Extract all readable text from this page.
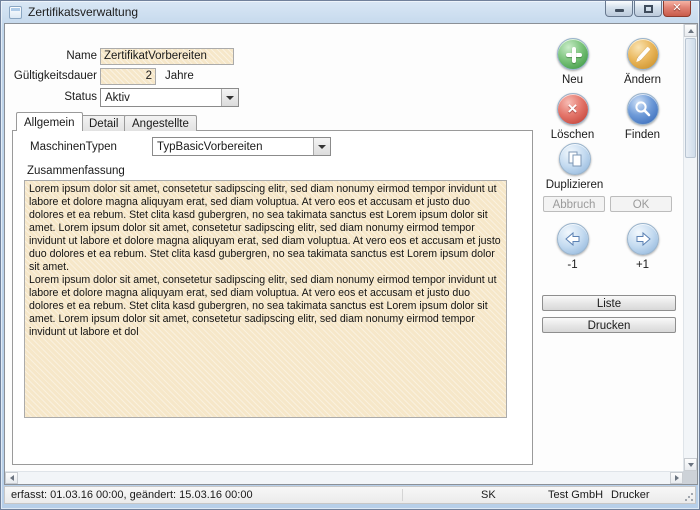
Zertifikatsverwaltung	✕
Name ZertifikatVorbereiten
Gültigkeitsdauer	2	Jahre
Status Aktiv
Allgemein	Detail	Angestellte
MaschinenTypen	TypBasicVorbereiten
Zusammenfassung

Lorem ipsum dolor sit amet, consetetur sadipscing elitr, sed diam nonumy eirmod tempor invidunt ut labore et dolore magna aliquyam erat, sed diam voluptua. At vero eos et accusam et justo duo dolores et ea rebum. Stet clita kasd gubergren, no sea takimata sanctus est Lorem ipsum dolor sit amet. Lorem ipsum dolor sit amet, consetetur sadipscing elitr, sed diam nonumy eirmod tempor invidunt ut labore et dolore magna aliquyam erat, sed diam voluptua. At vero eos et accusam et justo duo dolores et ea rebum. Stet clita kasd gubergren, no sea takimata sanctus est Lorem ipsum dolor sit amet.

Lorem ipsum dolor sit amet, consetetur sadipscing elitr, sed diam nonumy eirmod tempor invidunt ut labore et dolore magna aliquyam erat, sed diam voluptua. At vero eos et accusam et justo duo dolores et ea rebum. Stet clita kasd gubergren, no sea takimata sanctus est Lorem ipsum dolor sit amet. Lorem ipsum dolor sit amet, consetetur sadipscing elitr, sed diam nonumy eirmod tempor invidunt ut labore et dol

Neu	Ändern
×
Löschen	Finden
Duplizieren
Abbruch	OK
-1	+1
Liste
Drucken
erfasst: 01.03.16 00:00, geändert: 15.03.16 00:00	SK	Test GmbH Drucker
